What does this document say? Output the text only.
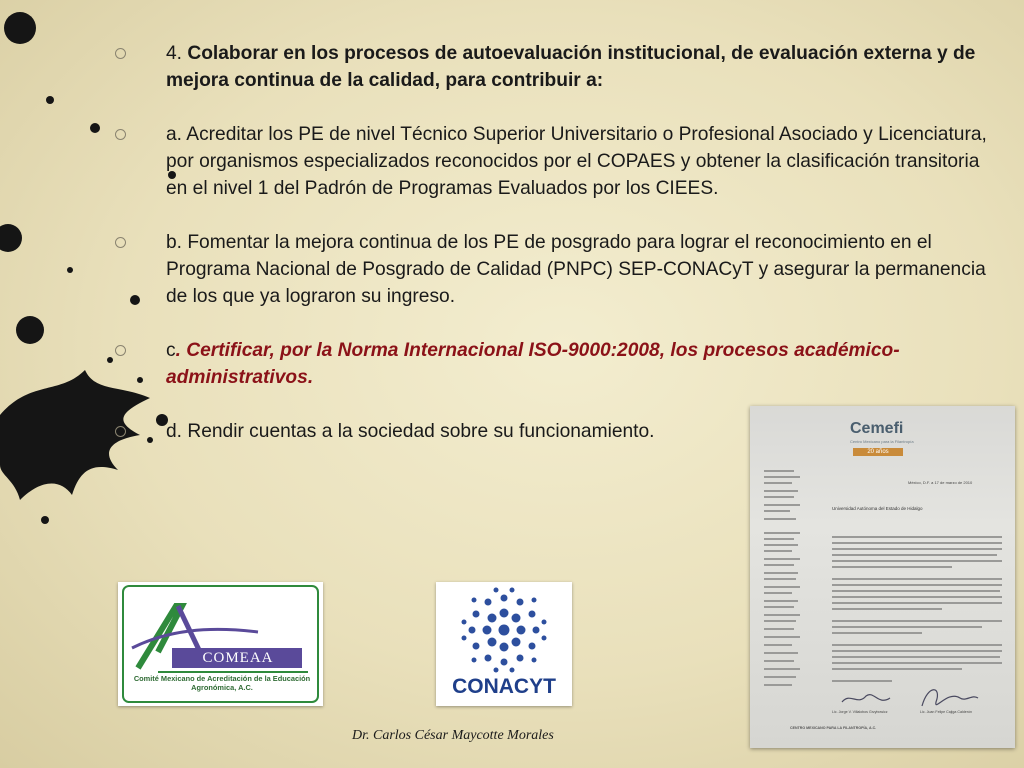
4. Colaborar en los procesos de autoevaluación institucional, de evaluación externa y de mejora continua de la calidad, para contribuir a:
a. Acreditar los PE de nivel Técnico Superior Universitario o Profesional Asociado y Licenciatura, por organismos especializados reconocidos por el COPAES y obtener la clasificación transitoria en el nivel 1 del Padrón de Programas Evaluados por los CIEES.
b. Fomentar la mejora continua de los PE de posgrado para lograr el reconocimiento en el Programa Nacional de Posgrado de Calidad (PNPC) SEP-CONACyT y asegurar la permanencia de los que ya lograron su ingreso.
c. Certificar, por la Norma Internacional ISO-9000:2008, los procesos académico-administrativos.
d. Rendir cuentas a la sociedad sobre su funcionamiento.
COMEAA
Comité Mexicano de Acreditación de la Educación Agronómica, A.C.	CONACYT
Cemefi
Centro Mexicano para la Filantropía
20 años
México, D.F. a 17 de marzo de 2010
Universidad Autónoma del Estado de Hidalgo
Lic. Jorge V. Villalobos Grzybowicz	Lic. Juan Felipe Cajiga Calderón
CENTRO MEXICANO PARA LA FILANTROPÍA, A.C.
Dr. Carlos César Maycotte Morales
